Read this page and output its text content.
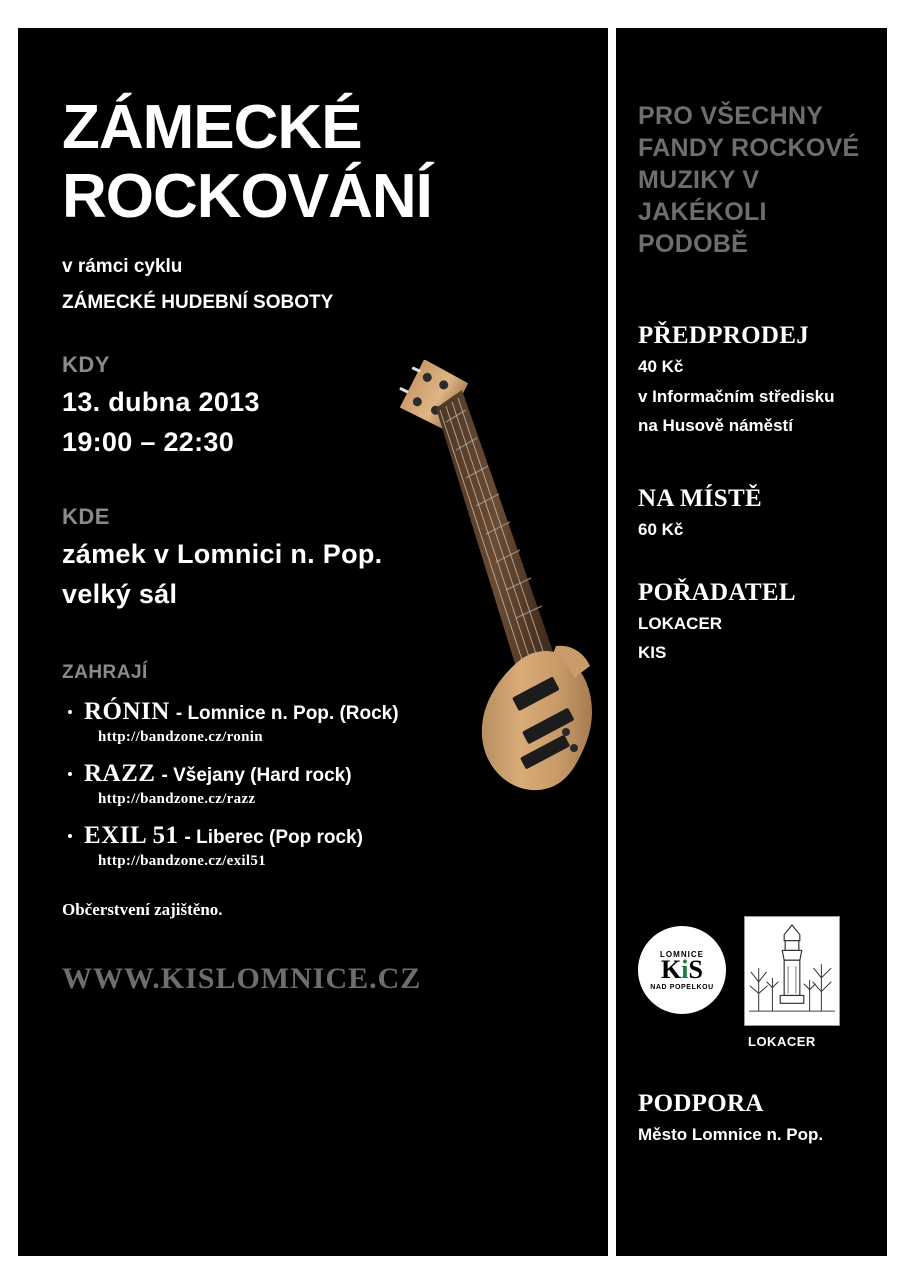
ZÁMECKÉ
ROCKOVÁNÍ
v rámci cyklu
ZÁMECKÉ HUDEBNÍ SOBOTY
KDY
13. dubna 2013
19:00 – 22:30
KDE
zámek v Lomnici n. Pop.
velký sál
ZAHRAJÍ
RÓNIN - Lomnice n. Pop. (Rock)
http://bandzone.cz/ronin
RAZZ - Všejany (Hard rock)
http://bandzone.cz/razz
EXIL 51 - Liberec (Pop rock)
http://bandzone.cz/exil51
Občerstvení zajištěno.
WWW.KISLOMNICE.CZ
PRO VŠECHNY FANDY ROCKOVÉ MUZIKY V JAKÉKOLI PODOBĚ
PŘEDPRODEJ
40 Kč
v Informačním středisku
na Husově náměstí
NA MÍSTĚ
60 Kč
POŘADATEL
LOKACER
KIS
LOMNICE
KiS
NAD POPELKOU
LOKACER
PODPORA
Město Lomnice n. Pop.
